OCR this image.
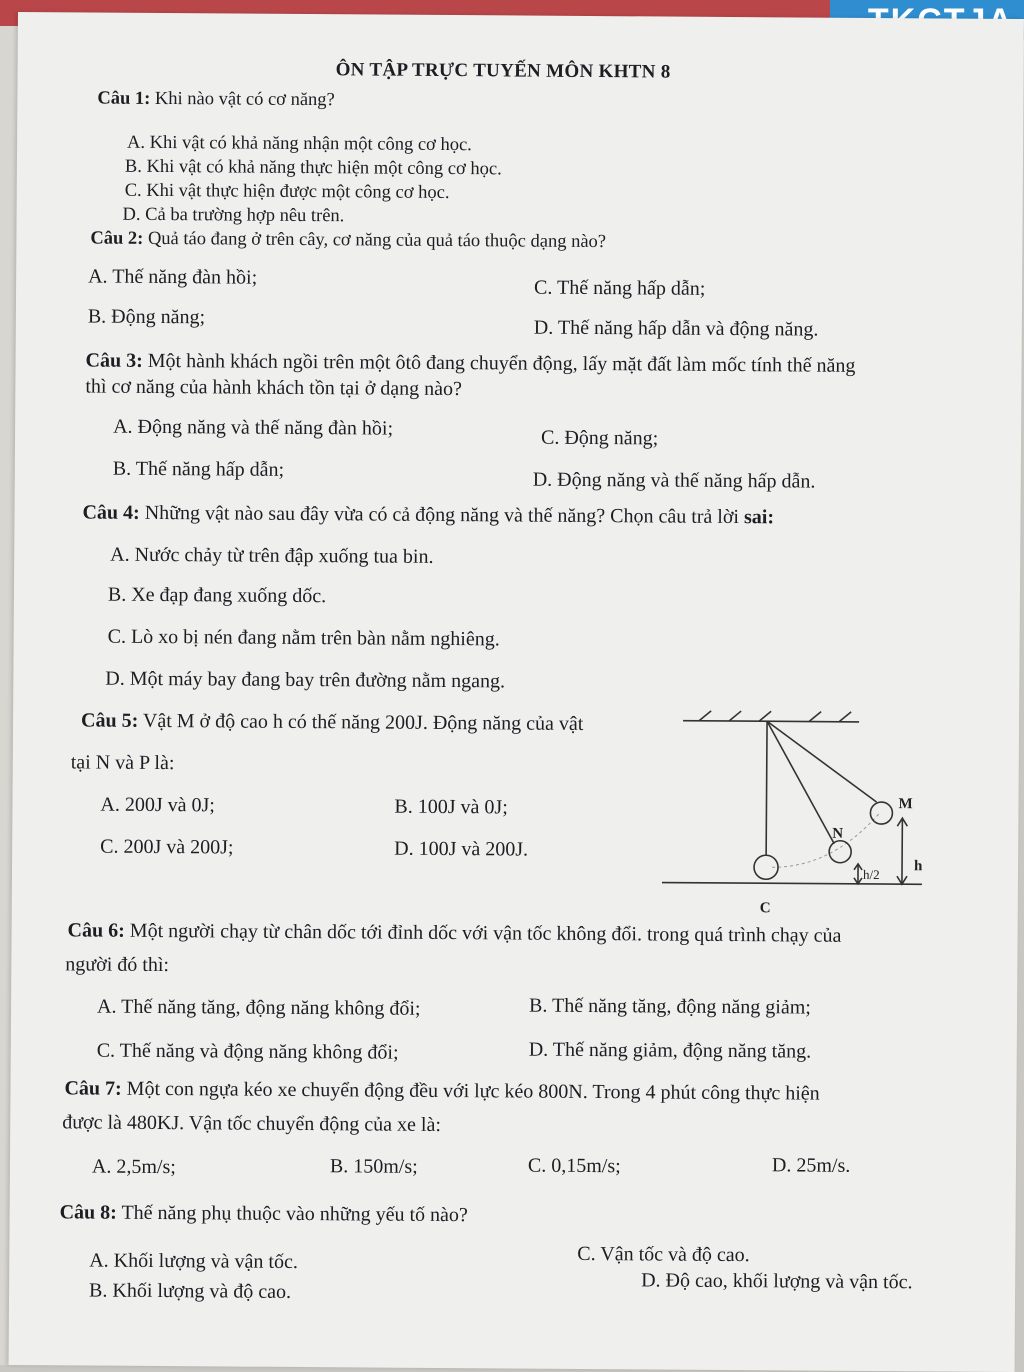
ÔN TẬP TRỰC TUYẾN MÔN KHTN 8
Câu 1: Khi nào vật có cơ năng?
A. Khi vật có khả năng nhận một công cơ học.
B. Khi vật có khả năng thực hiện một công cơ học.
C. Khi vật thực hiện được một công cơ học.
D. Cả ba trường hợp nêu trên.
Câu 2: Quả táo đang ở trên cây, cơ năng của quả táo thuộc dạng nào?
A. Thế năng đàn hồi;	C. Thế năng hấp dẫn;
B. Động năng;	D. Thế năng hấp dẫn và động năng.
Câu 3: Một hành khách ngồi trên một ôtô đang chuyển động, lấy mặt đất làm mốc tính thế năng
thì cơ năng của hành khách tồn tại ở dạng nào?
A. Động năng và thế năng đàn hồi;	C. Động năng;
B. Thế năng hấp dẫn;	D. Động năng và thế năng hấp dẫn.
Câu 4: Những vật nào sau đây vừa có cả động năng và thế năng? Chọn câu trả lời sai:
A. Nước chảy từ trên đập xuống tua bin.
B. Xe đạp đang xuống dốc.
C. Lò xo bị nén đang nằm trên bàn nằm nghiêng.
D. Một máy bay đang bay trên đường nằm ngang.
Câu 5: Vật M ở độ cao h có thế năng 200J. Động năng của vật
tại N và P là:
A. 200J và 0J;	B. 100J và 0J;
C. 200J và 200J;	D. 100J và 200J.
M
N
C
h
h/2
Câu 6: Một người chạy từ chân dốc tới đỉnh dốc với vận tốc không đổi. trong quá trình chạy của
người đó thì:
A. Thế năng tăng, động năng không đổi;	B. Thế năng tăng, động năng giảm;
C. Thế năng và động năng không đổi;	D. Thế năng giảm, động năng tăng.
Câu 7: Một con ngựa kéo xe chuyển động đều với lực kéo 800N. Trong 4 phút công thực hiện
được là 480KJ. Vận tốc chuyển động của xe là:
A. 2,5m/s;	B. 150m/s;	C. 0,15m/s;	D. 25m/s.
Câu 8: Thế năng phụ thuộc vào những yếu tố nào?
A. Khối lượng và vận tốc.	C. Vận tốc và độ cao.
B. Khối lượng và độ cao.	D. Độ cao, khối lượng và vận tốc.
